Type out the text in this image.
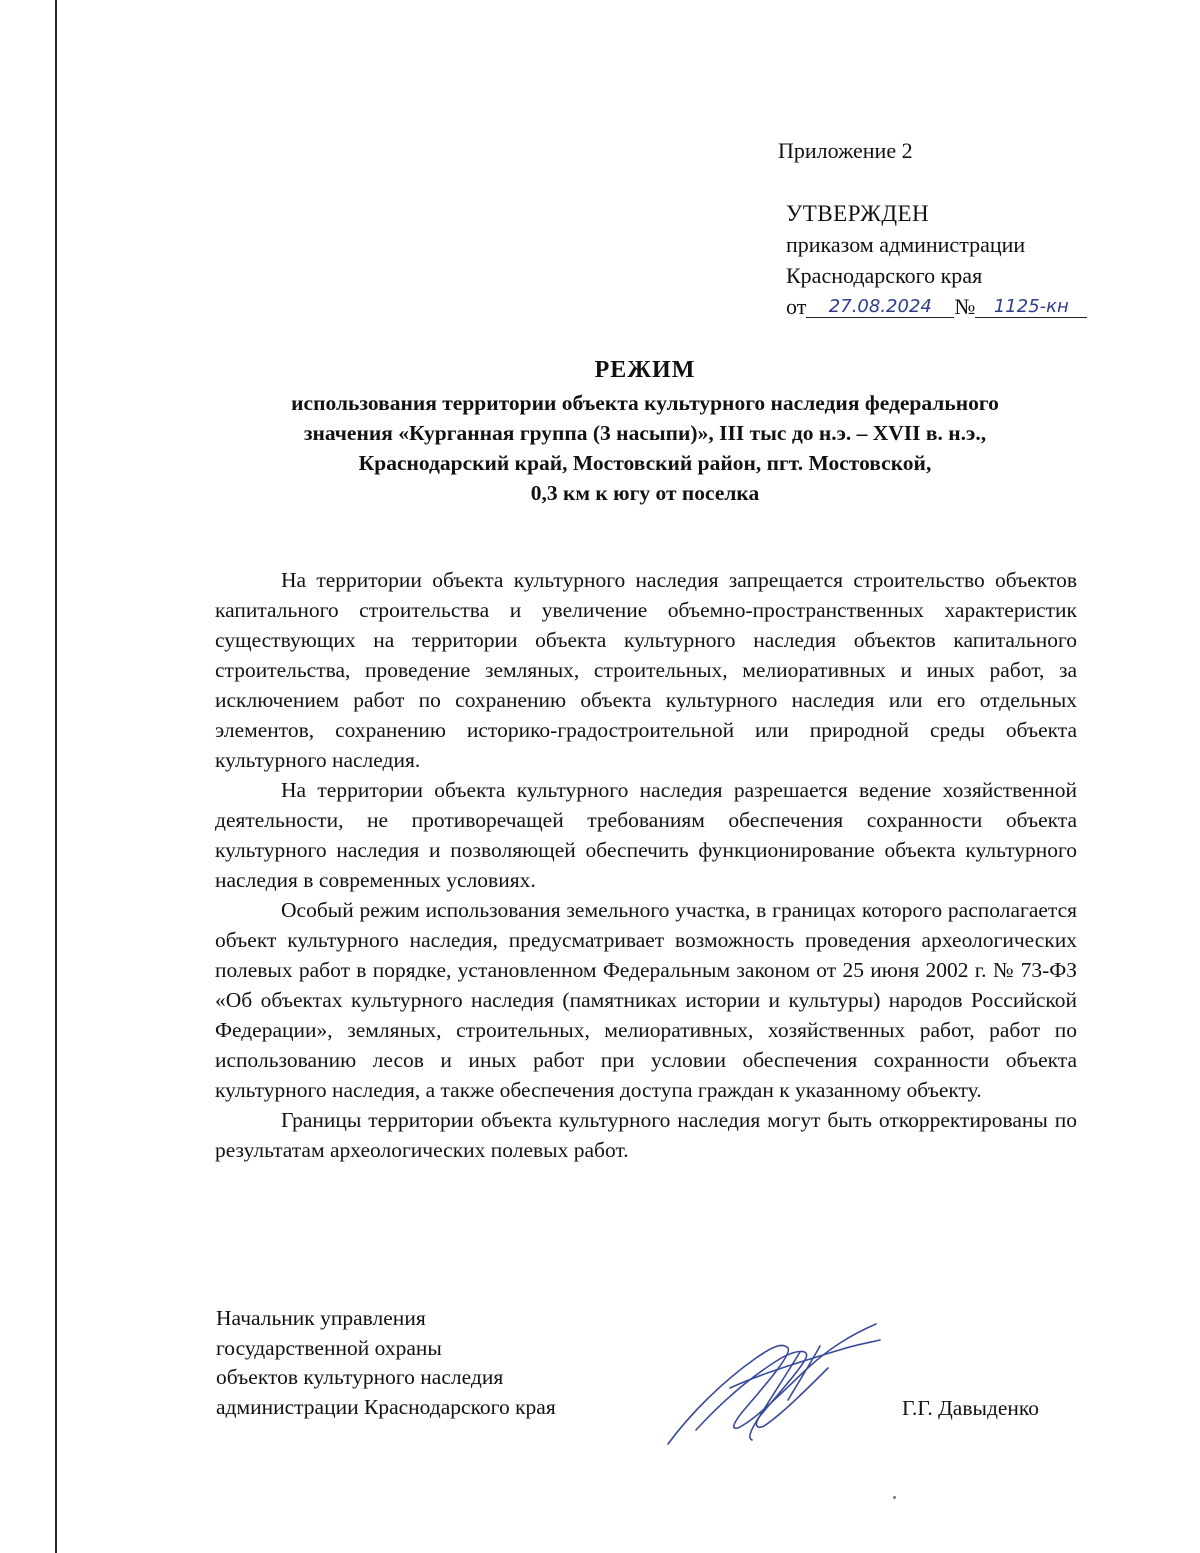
Приложение 2
УТВЕРЖДЕН
приказом администрации
Краснодарского края
от 27.08.2024 № 1125-кн
РЕЖИМ
использования территории объекта культурного наследия федерального
значения «Курганная группа (3 насыпи)», III тыс до н.э. – XVII в. н.э.,
Краснодарский край, Мостовский район, пгт. Мостовской,
0,3 км к югу от поселка

На территории объекта культурного наследия запрещается строительство объектов капитального строительства и увеличение объемно-пространственных характеристик существующих на территории объекта культурного наследия объектов капитального строительства, проведение земляных, строительных, мелиоративных и иных работ, за исключением работ по сохранению объекта культурного наследия или его отдельных элементов, сохранению историко-градостроительной или природной среды объекта культурного наследия.

На территории объекта культурного наследия разрешается ведение хозяйственной деятельности, не противоречащей требованиям обеспечения сохранности объекта культурного наследия и позволяющей обеспечить функционирование объекта культурного наследия в современных условиях.

Особый режим использования земельного участка, в границах которого располагается объект культурного наследия, предусматривает возможность проведения археологических полевых работ в порядке, установленном Федеральным законом от 25 июня 2002 г. № 73-ФЗ «Об объектах культурного наследия (памятниках истории и культуры) народов Российской Федерации», земляных, строительных, мелиоративных, хозяйственных работ, работ по использованию лесов и иных работ при условии обеспечения сохранности объекта культурного наследия, а также обеспечения доступа граждан к указанному объекту.

Границы территории объекта культурного наследия могут быть откорректированы по результатам археологических полевых работ.

Начальник управления
государственной охраны
объектов культурного наследия
администрации Краснодарского края	Г.Г. Давыденко
